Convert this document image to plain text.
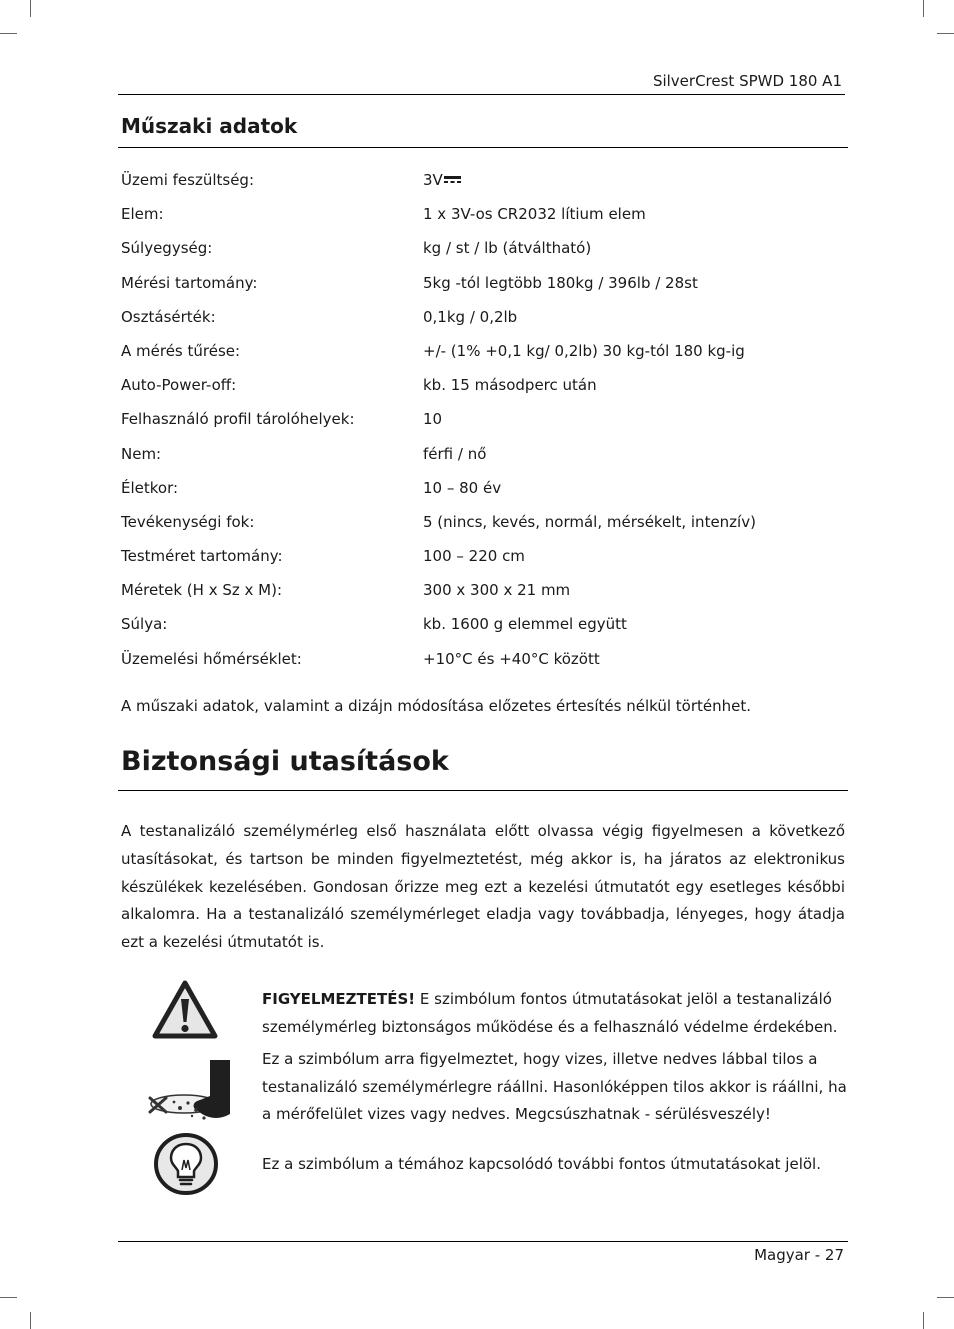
SilverCrest SPWD 180 A1
Műszaki adatok
Üzemi feszültség:	3V
Elem:	1 x 3V-os CR2032 lítium elem
Súlyegység:	kg / st / lb (átváltható)
Mérési tartomány:	5kg -tól legtöbb 180kg / 396lb / 28st
Osztásérték:	0,1kg / 0,2lb
A mérés tűrése:	+/- (1% +0,1 kg/ 0,2lb) 30 kg-tól 180 kg-ig
Auto-Power-off:	kb. 15 másodperc után
Felhasználó profil tárolóhelyek:	10
Nem:	férfi / nő
Életkor:	10 – 80 év
Tevékenységi fok:	5 (nincs, kevés, normál, mérsékelt, intenzív)
Testméret tartomány:	100 – 220 cm
Méretek (H x Sz x M):	300 x 300 x 21 mm
Súlya:	kb. 1600 g elemmel együtt
Üzemelési hőmérséklet:	+10°C és +40°C között
A műszaki adatok, valamint a dizájn módosítása előzetes értesítés nélkül történhet.
Biztonsági utasítások

A testanalizáló személymérleg első használata előtt olvassa végig figyelmesen a következő utasításokat, és tartson be minden figyelmeztetést, még akkor is, ha járatos az elektronikus készülékek kezelésében. Gondosan őrizze meg ezt a kezelési útmutatót egy esetleges későbbi alkalomra. Ha a testanalizáló személymérleget eladja vagy továbbadja, lényeges, hogy átadja ezt a kezelési útmutatót is.

FIGYELMEZTETÉS! E szimbólum fontos útmutatásokat jelöl a testanalizáló személymérleg biztonságos működése és a felhasználó védelme érdekében.

Ez a szimbólum arra figyelmeztet, hogy vizes, illetve nedves lábbal tilos a testanalizáló személymérlegre ráállni. Hasonlóképpen tilos akkor is ráállni, ha a mérőfelület vizes vagy nedves. Megcsúszhatnak - sérülésveszély!

Ez a szimbólum a témához kapcsolódó további fontos útmutatásokat jelöl.

Magyar - 27
